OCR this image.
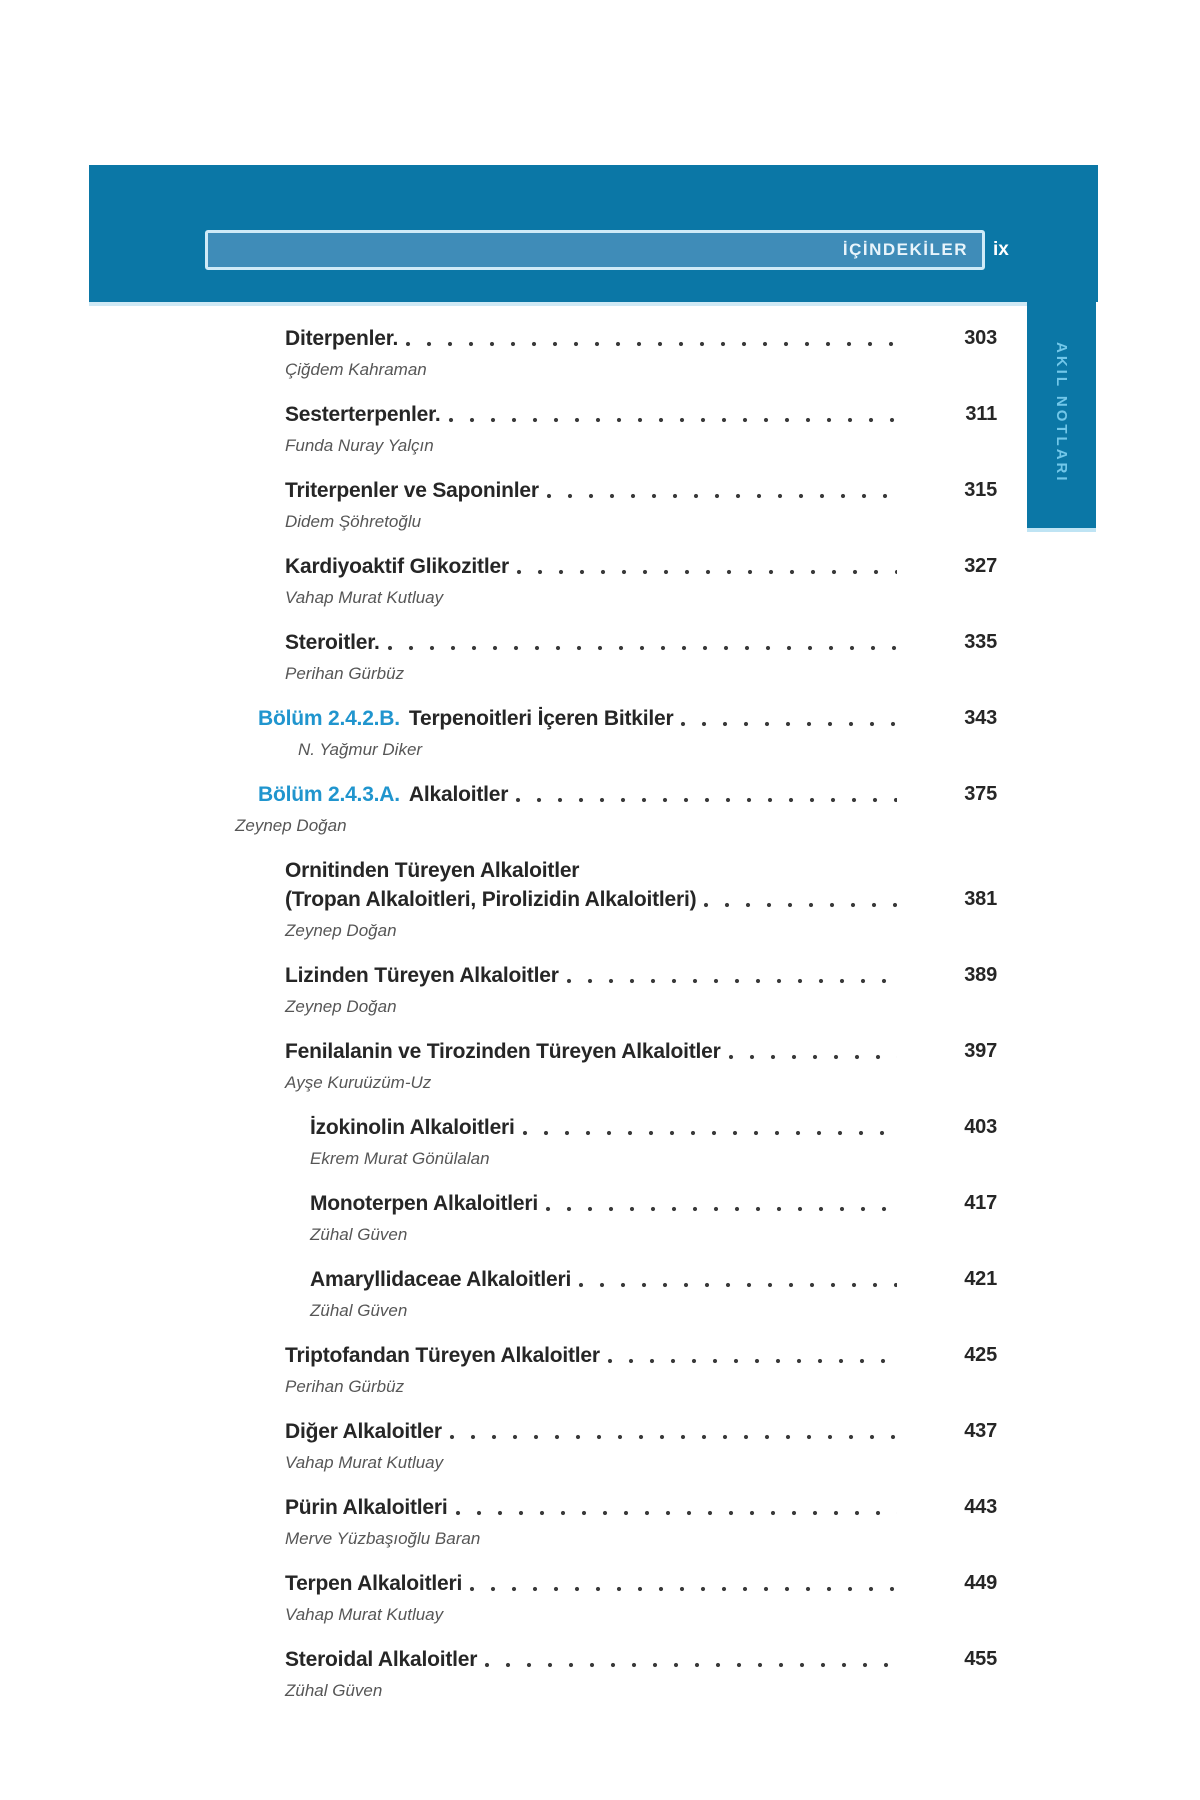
İÇİNDEKİLER ix
AKIL NOTLARI
Diterpenler.	303
Çiğdem Kahraman
Sesterterpenler.	311
Funda Nuray Yalçın
Triterpenler ve Saponinler	315
Didem Şöhretoğlu
Kardiyoaktif Glikozitler	327
Vahap Murat Kutluay
Steroitler.	335
Perihan Gürbüz
Bölüm 2.4.2.B. Terpenoitleri İçeren Bitkiler	343
N. Yağmur Diker
Bölüm 2.4.3.A. Alkaloitler	375
Zeynep Doğan
Ornitinden Türeyen Alkaloitler
(Tropan Alkaloitleri, Pirolizidin Alkaloitleri)	381
Zeynep Doğan
Lizinden Türeyen Alkaloitler	389
Zeynep Doğan
Fenilalanin ve Tirozinden Türeyen Alkaloitler	397
Ayşe Kuruüzüm-Uz
İzokinolin Alkaloitleri	403
Ekrem Murat Gönülalan
Monoterpen Alkaloitleri	417
Zühal Güven
Amaryllidaceae Alkaloitleri	421
Zühal Güven
Triptofandan Türeyen Alkaloitler	425
Perihan Gürbüz
Diğer Alkaloitler	437
Vahap Murat Kutluay
Pürin Alkaloitleri	443
Merve Yüzbaşıoğlu Baran
Terpen Alkaloitleri	449
Vahap Murat Kutluay
Steroidal Alkaloitler	455
Zühal Güven
